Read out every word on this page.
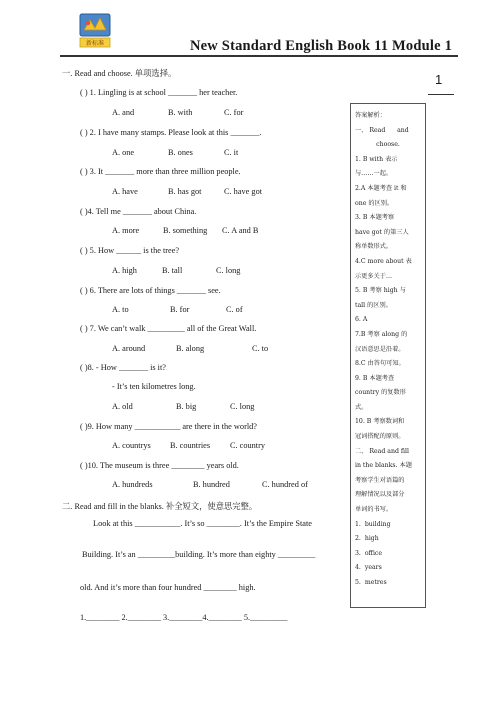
新标准	New Standard English Book 11 Module 1
1
一. Read and choose. 单项选择。
( ) 1. Lingling is at school _______ her teacher.
A. and	B. with	C. for
( ) 2. I have many stamps. Please look at this _______.
A. one	B. ones	C. it
( ) 3. It _______ more than three million people.
A. have	B. has got	C. have got
( )4. Tell me _______ about China.
A. more	B. something C. A and B
( ) 5. How ______ is the tree?
A. high	B. tall	C. long
( ) 6. There are lots of things _______ see.
A. to	B. for	C. of
( ) 7. We can’t walk _________ all of the Great Wall.
A. around	B. along	C. to
( )8. - How _______ is it?
- It’s ten kilometres long.
A. old	B. big	C. long
( )9. How many ___________ are there in the world?
A. countrys B. countries C. country
( )10. The museum is three ________ years old.
A. hundreds	B. hundred	C. hundred of
二. Read and fill in the blanks. 补全短文，使意思完整。
Look at this ___________. It’s so ________. It’s the Empire State
Building. It’s an _________building. It’s more than eighty _________
old. And it’s more than four hundred ________ high.
1.________ 2.________ 3.________4.________ 5._________
答案解析：
一、 Read      and
choose.
1. B with 表示
与……一起。
2.A 本题考查 it 和
one 的区别。
3. B 本题考察
have got 的第三人
称单数形式。
4.C more about 表
示更多关于…
5. B 考察 high 与
tall 的区别。
6. A
7.B 考察 along 的
汉语意思是沿着。
8.C 由答句可知。
9. B 本题考查
country 的复数形
式。
10. B 考察数词和
冠词搭配的原则。
二、 Read and fill
in the blanks. 本题
考察学生对语篇的
理解情况以及部分
单词的书写。
1.  building
2.  high
3.  office
4.  years
5.  metres
